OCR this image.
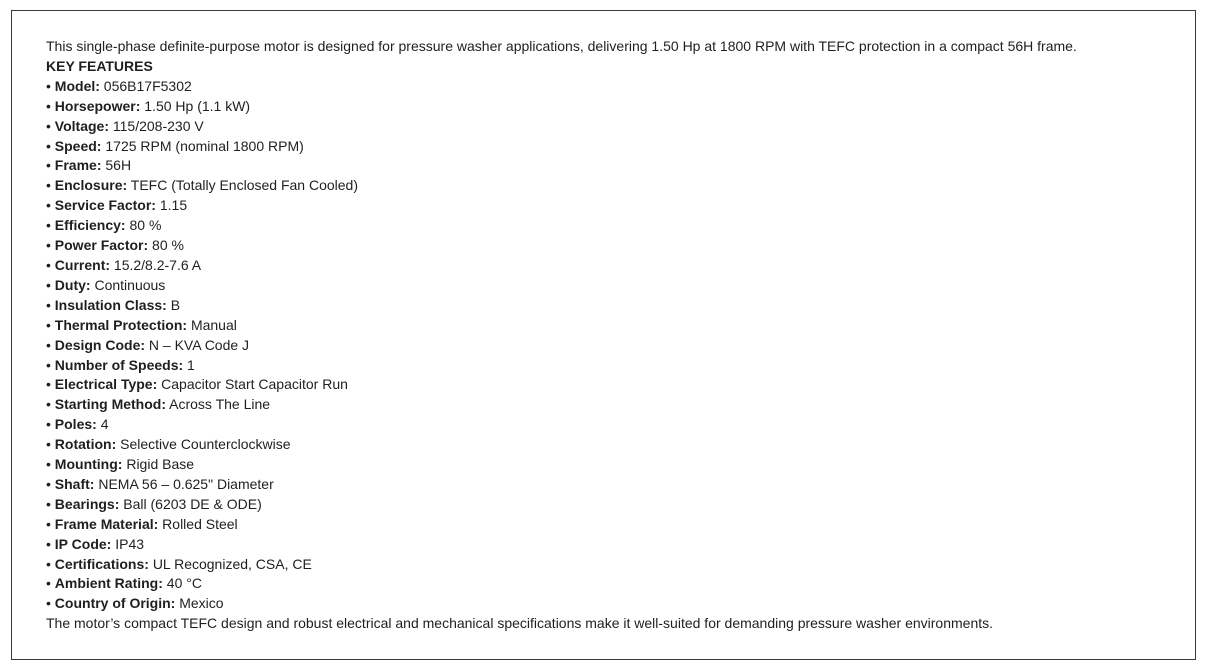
This single-phase definite-purpose motor is designed for pressure washer applications, delivering 1.50 Hp at 1800 RPM with TEFC protection in a compact 56H frame.

KEY FEATURES

• Model: 056B17F5302
• Horsepower: 1.50 Hp (1.1 kW)
• Voltage: 115/208-230 V
• Speed: 1725 RPM (nominal 1800 RPM)
• Frame: 56H
• Enclosure: TEFC (Totally Enclosed Fan Cooled)
• Service Factor: 1.15
• Efficiency: 80 %
• Power Factor: 80 %
• Current: 15.2/8.2-7.6 A
• Duty: Continuous
• Insulation Class: B
• Thermal Protection: Manual
• Design Code: N – KVA Code J
• Number of Speeds: 1
• Electrical Type: Capacitor Start Capacitor Run
• Starting Method: Across The Line
• Poles: 4
• Rotation: Selective Counterclockwise
• Mounting: Rigid Base
• Shaft: NEMA 56 – 0.625" Diameter
• Bearings: Ball (6203 DE & ODE)
• Frame Material: Rolled Steel
• IP Code: IP43
• Certifications: UL Recognized, CSA, CE
• Ambient Rating: 40 °C
• Country of Origin: Mexico

The motor’s compact TEFC design and robust electrical and mechanical specifications make it well-suited for demanding pressure washer environments.
